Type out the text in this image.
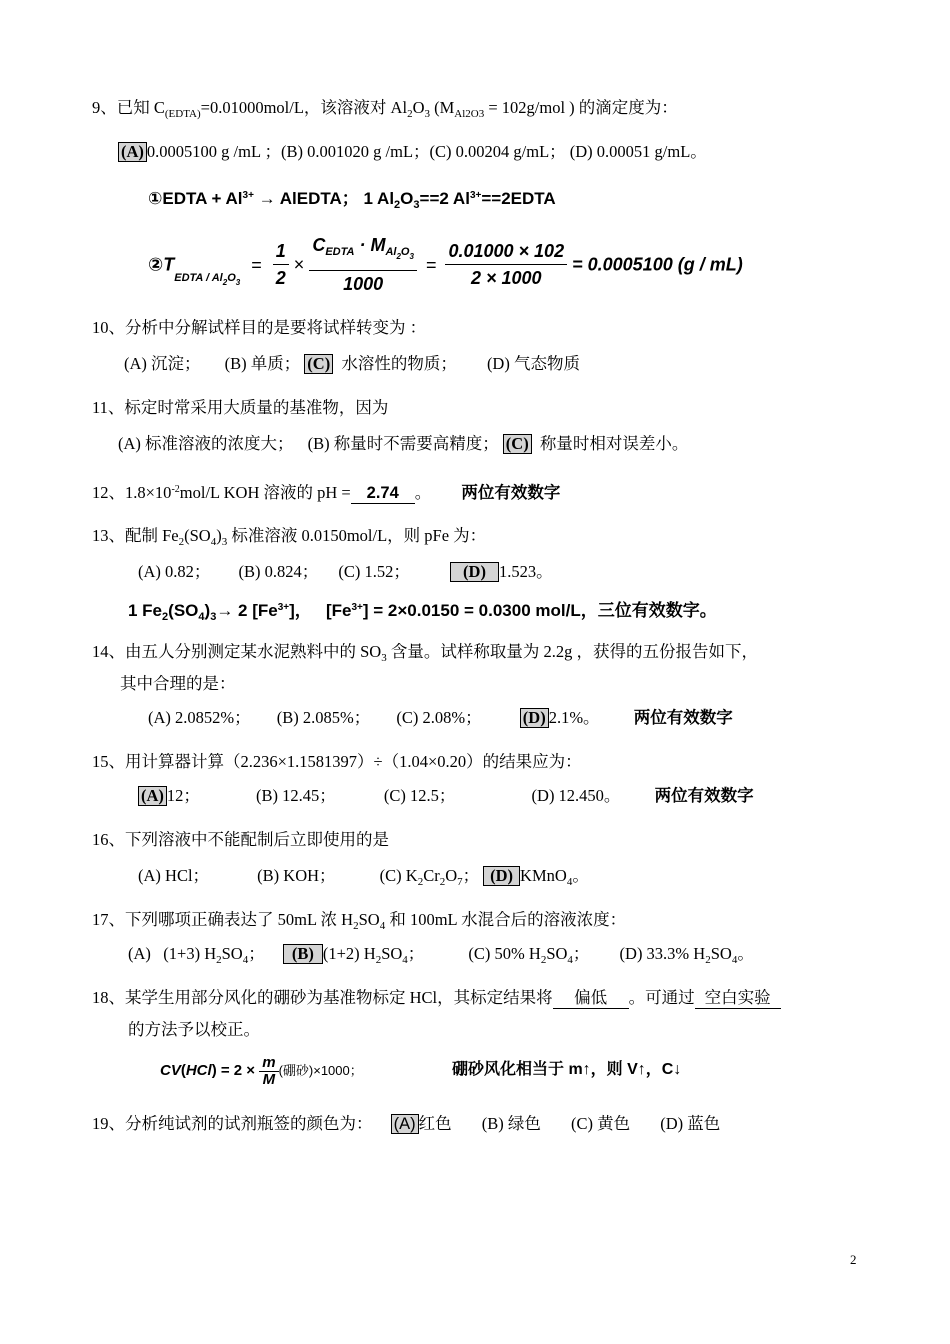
9、已知 $C_{(EDTA)}=0.01000mol/L$，该溶液对 $Al_2O_3$ ($M_{Al2O3} = 102g/mol$ ) 的滴定度为：
(A) 0.0005100 g /mL ；(B) 0.001020 g /mL；(C) 0.00204 g/mL； (D) 0.00051 g/mL。
①EDTA + $Al^{3+}$ → AlEDTA； 1 $Al_2O_3==2$ $Al^{3+}==2EDTA$
$②T_{EDTA / Al_2O_3} = \frac{1}{2} \times \frac{C_{EDTA} \cdot M_{Al_2O_3}}{1000} = \frac{0.01000 \times 102}{2 \times 1000} = 0.0005100$ (g / mL)
10、分析中分解试样目的是要将试样转变为 ：
(A) 沉淀； (B) 单质； (C) 水溶性的物质； (D) 气态物质
11、标定时常采用大质量的基准物，因为
(A) 标准溶液的浓度大； (B) 称量时不需要高精度； (C) 称量时相对误差小。
12、$1.8\times 10^{-2}mol/L$ KOH 溶液的 pH = 2.74 。 两位有效数字
13、配制 $Fe_2(SO_4)_3$ 标准溶液 0.0150mol/L，则 pFe 为：
(A) 0.82； (B) 0.824； (C) 1.52；	(D) 1.523。
1 $Fe_2(SO_4)_3\to 2$ $[Fe^{3+}]$，   $[Fe^{3+}] = 2\times 0.0150 = 0.0300$ mol/L，三位有效数字。
14、由五人分别测定某水泥熟料中的 $SO_3$ 含量。试样称取量为 2.2g ，获得的五份报告如下，
其中合理的是：
(A) 2.0852%； (B) 2.085%； (C) 2.08%； (D) 2.1%。 两位有效数字
15、用计算器计算（2.236×1.1581397）÷（1.04×0.20）的结果应为：
(A) 12；	(B) 12.45；	(C) 12.5；	(D) 12.450。 两位有效数字
16、下列溶液中不能配制后立即使用的是
(A) HCl；	(B) KOH；	(C) $K_2Cr_2O_7$； (D) KMnO$_4$。
17、下列哪项正确表达了 50mL 浓 $H_2SO_4$ 和 100mL 水混合后的溶液浓度：
(A)   (1+3) $H_2SO_4$； (B) (1+2) $H_2SO_4$；	(C) 50% $H_2SO_4$； (D) 33.3% $H_2SO_4$。
18、某学生用部分风化的硼砂为基准物标定 HCl，其标定结果将 偏低 。可通过 空白实验
的方法予以校正。
$CV(HCl) = 2 \times \frac{m}{M}$ (硼砂)×1000；	硼砂风化相当于 m↑，则 V↑，C↓
19、分析纯试剂的试剂瓶签的颜色为： (A) 红色 (B) 绿色 (C) 黄色 (D) 蓝色
2
